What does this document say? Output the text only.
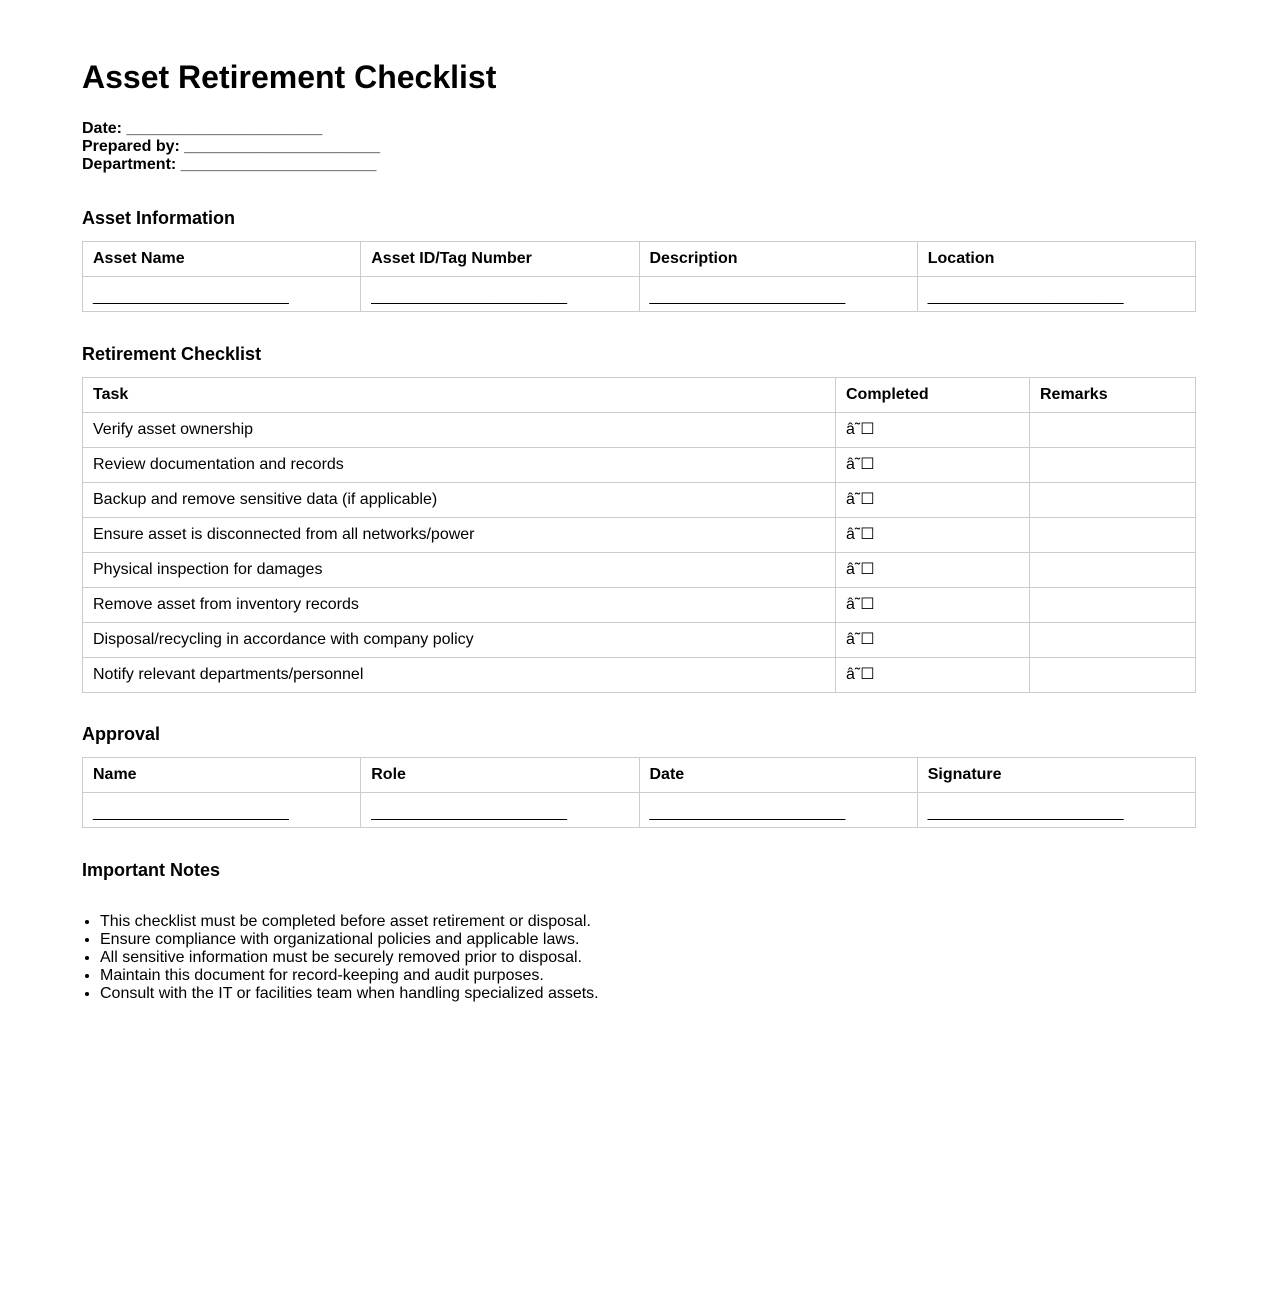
Asset Retirement Checklist
Date: ______________________
Prepared by: ______________________
Department: ______________________
Asset Information
Asset Name	Asset ID/Tag Number	Description	Location
______________________	______________________	______________________	______________________
Retirement Checklist
Task	Completed	Remarks
Verify asset ownership	â˜☐	
Review documentation and records	â˜☐	
Backup and remove sensitive data (if applicable)	â˜☐	
Ensure asset is disconnected from all networks/power	â˜☐	
Physical inspection for damages	â˜☐	
Remove asset from inventory records	â˜☐	
Disposal/recycling in accordance with company policy	â˜☐	
Notify relevant departments/personnel	â˜☐	
Approval
Name	Role	Date	Signature
______________________	______________________	______________________	______________________
Important Notes
• This checklist must be completed before asset retirement or disposal.
• Ensure compliance with organizational policies and applicable laws.
• All sensitive information must be securely removed prior to disposal.
• Maintain this document for record-keeping and audit purposes.
• Consult with the IT or facilities team when handling specialized assets.
